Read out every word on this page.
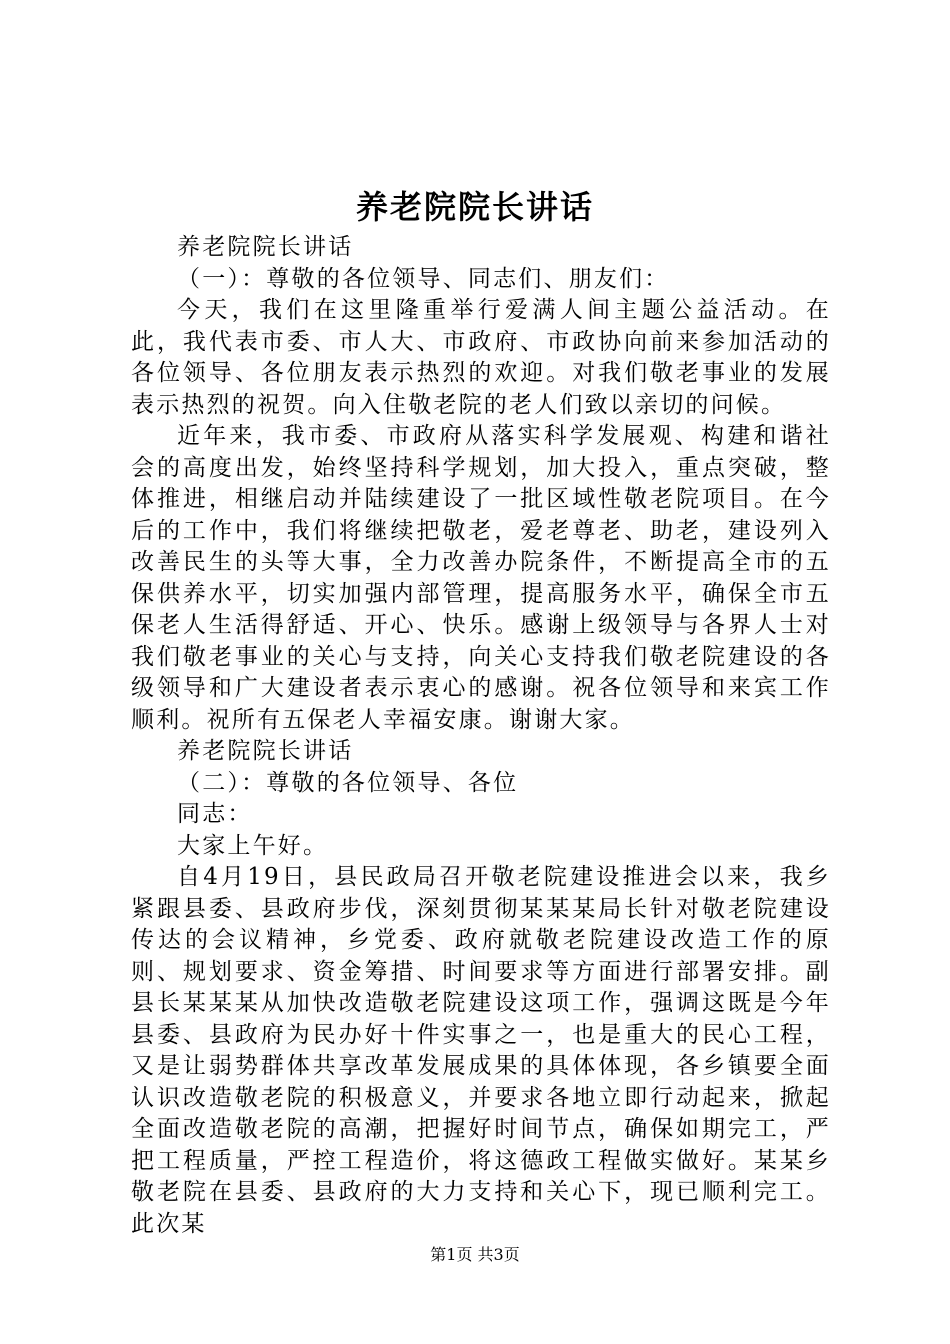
养老院院长讲话

养老院院长讲话

（一）：尊敬的各位领导、同志们、朋友们：

今天，我们在这里隆重举行爱满人间主题公益活动。在此，我代表市委、市人大、市政府、市政协向前来参加活动的各位领导、各位朋友表示热烈的欢迎。对我们敬老事业的发展表示热烈的祝贺。向入住敬老院的老人们致以亲切的问候。

近年来，我市委、市政府从落实科学发展观、构建和谐社会的高度出发，始终坚持科学规划，加大投入，重点突破，整体推进，相继启动并陆续建设了一批区域性敬老院项目。在今后的工作中，我们将继续把敬老，爱老尊老、助老，建设列入改善民生的头等大事，全力改善办院条件，不断提高全市的五保供养水平，切实加强内部管理，提高服务水平，确保全市五保老人生活得舒适、开心、快乐。感谢上级领导与各界人士对我们敬老事业的关心与支持，向关心支持我们敬老院建设的各级领导和广大建设者表示衷心的感谢。祝各位领导和来宾工作顺利。祝所有五保老人幸福安康。谢谢大家。

养老院院长讲话

（二）：尊敬的各位领导、各位

同志：

大家上午好。

自4月19日，县民政局召开敬老院建设推进会以来，我乡紧跟县委、县政府步伐，深刻贯彻某某某局长针对敬老院建设传达的会议精神，乡党委、政府就敬老院建设改造工作的原则、规划要求、资金筹措、时间要求等方面进行部署安排。副县长某某某从加快改造敬老院建设这项工作，强调这既是今年县委、县政府为民办好十件实事之一，也是重大的民心工程，又是让弱势群体共享改革发展成果的具体体现，各乡镇要全面认识改造敬老院的积极意义，并要求各地立即行动起来，掀起全面改造敬老院的高潮，把握好时间节点，确保如期完工，严把工程质量，严控工程造价，将这德政工程做实做好。某某乡敬老院在县委、县政府的大力支持和关心下，现已顺利完工。此次某

第1页 共3页
